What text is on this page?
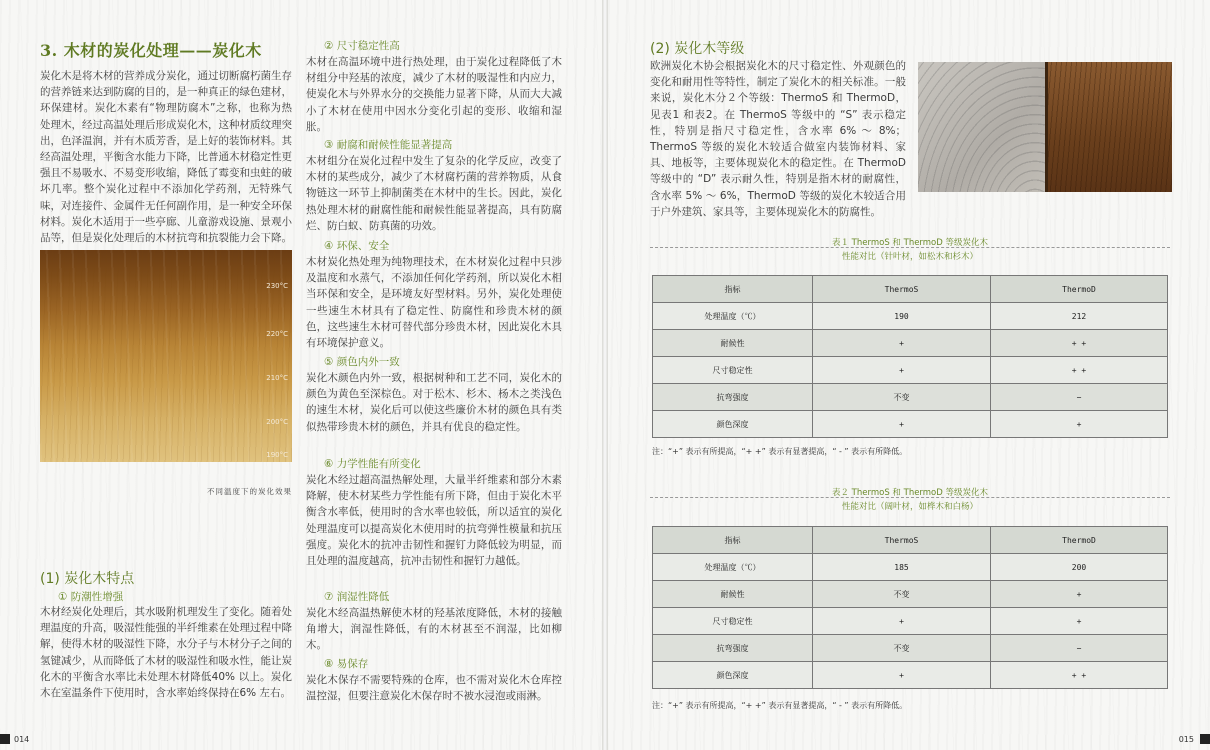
3. 木材的炭化处理——炭化木
炭化木是将木材的营养成分炭化，通过切断腐朽菌生存的营养链来达到防腐的目的，是一种真正的绿色建材，环保建材。炭化木素有“物理防腐木”之称，也称为热处理木，经过高温处理后形成炭化木，这种材质纹理突出，色泽温润，并有木质芳香，是上好的装饰材料。其经高温处理，平衡含水能力下降，比普通木材稳定性更强且不易吸水、不易变形收缩，降低了霉变和虫蛀的破坏几率。整个炭化过程中不添加化学药剂，无特殊气味，对连接件、金属件无任何副作用，是一种安全环保材料。炭化木适用于一些亭廊、儿童游戏设施、景观小品等，但是炭化处理后的木材抗弯和抗裂能力会下降。
230°C
220°C
210°C
200°C
190°C
不同温度下的炭化效果
(1) 炭化木特点
① 防潮性增强
木材经炭化处理后，其水吸附机理发生了变化。随着处理温度的升高，吸湿性能强的半纤维素在处理过程中降解，使得木材的吸湿性下降，水分子与木材分子之间的氢键减少，从而降低了木材的吸湿性和吸水性，能让炭化木的平衡含水率比未处理木材降低40% 以上。炭化木在室温条件下使用时，含水率始终保持在6% 左右。
② 尺寸稳定性高
木材在高温环境中进行热处理，由于炭化过程降低了木材组分中羟基的浓度，减少了木材的吸湿性和内应力，使炭化木与外界水分的交换能力显著下降，从而大大减小了木材在使用中因水分变化引起的变形、收缩和湿胀。
③ 耐腐和耐候性能显著提高
木材组分在炭化过程中发生了复杂的化学反应，改变了木材的某些成分，减少了木材腐朽菌的营养物质，从食物链这一环节上抑制菌类在木材中的生长。因此，炭化热处理木材的耐腐性能和耐候性能显著提高，具有防腐烂、防白蚁、防真菌的功效。
④ 环保、安全
木材炭化热处理为纯物理技术，在木材炭化过程中只涉及温度和水蒸气，不添加任何化学药剂，所以炭化木相当环保和安全，是环境友好型材料。另外，炭化处理使一些速生木材具有了稳定性、防腐性和珍贵木材的颜色，这些速生木材可替代部分珍贵木材，因此炭化木具有环境保护意义。
⑤ 颜色内外一致
炭化木颜色内外一致，根据树种和工艺不同，炭化木的颜色为黄色至深棕色。对于松木、杉木、杨木之类浅色的速生木材，炭化后可以使这些廉价木材的颜色具有类似热带珍贵木材的颜色，并具有优良的稳定性。
⑥ 力学性能有所变化
炭化木经过超高温热解处理，大量半纤维素和部分木素降解，使木材某些力学性能有所下降，但由于炭化木平衡含水率低，使用时的含水率也较低，所以适宜的炭化处理温度可以提高炭化木使用时的抗弯弹性模量和抗压强度。炭化木的抗冲击韧性和握钉力降低较为明显，而且处理的温度越高，抗冲击韧性和握钉力越低。
⑦ 润湿性降低
炭化木经高温热解使木材的羟基浓度降低，木材的接触角增大，润湿性降低，有的木材甚至不润湿，比如柳木。
⑧ 易保存
炭化木保存不需要特殊的仓库，也不需对炭化木仓库控温控湿，但要注意炭化木保存时不被水浸泡或雨淋。
014
(2) 炭化木等级
欧洲炭化木协会根据炭化木的尺寸稳定性、外观颜色的变化和耐用性等特性，制定了炭化木的相关标准。一般来说，炭化木分２个等级：ThermoS 和 ThermoD，见表1 和表2。在 ThermoS 等级中的 “S” 表示稳定性，特别是指尺寸稳定性，含水率 6% ～ 8%；ThermoS 等级的炭化木较适合做室内装饰材料、家具、地板等，主要体现炭化木的稳定性。在 ThermoD 等级中的 “D” 表示耐久性，特别是指木材的耐腐性，含水率 5% ～ 6%，ThermoD 等级的炭化木较适合用于户外建筑、家具等，主要体现炭化木的防腐性。
表１ ThermoS 和 ThermoD 等级炭化木
性能对比（针叶材，如松木和杉木）
指标	ThermoS	ThermoD
处理温度（℃）	190	212
耐候性	+	+ +
尺寸稳定性	+	+ +
抗弯强度	不变	−
颜色深度	+	+
注：“+” 表示有所提高，“+ +” 表示有显著提高，“ - ” 表示有所降低。
表２ ThermoS 和 ThermoD 等级炭化木
性能对比（阔叶材，如桦木和白杨）
指标	ThermoS	ThermoD
处理温度（℃）	185	200
耐候性	不变	+
尺寸稳定性	+	+
抗弯强度	不变	−
颜色深度	+	+ +
注：“+” 表示有所提高，“+ +” 表示有显著提高，“ - ” 表示有所降低。
015
